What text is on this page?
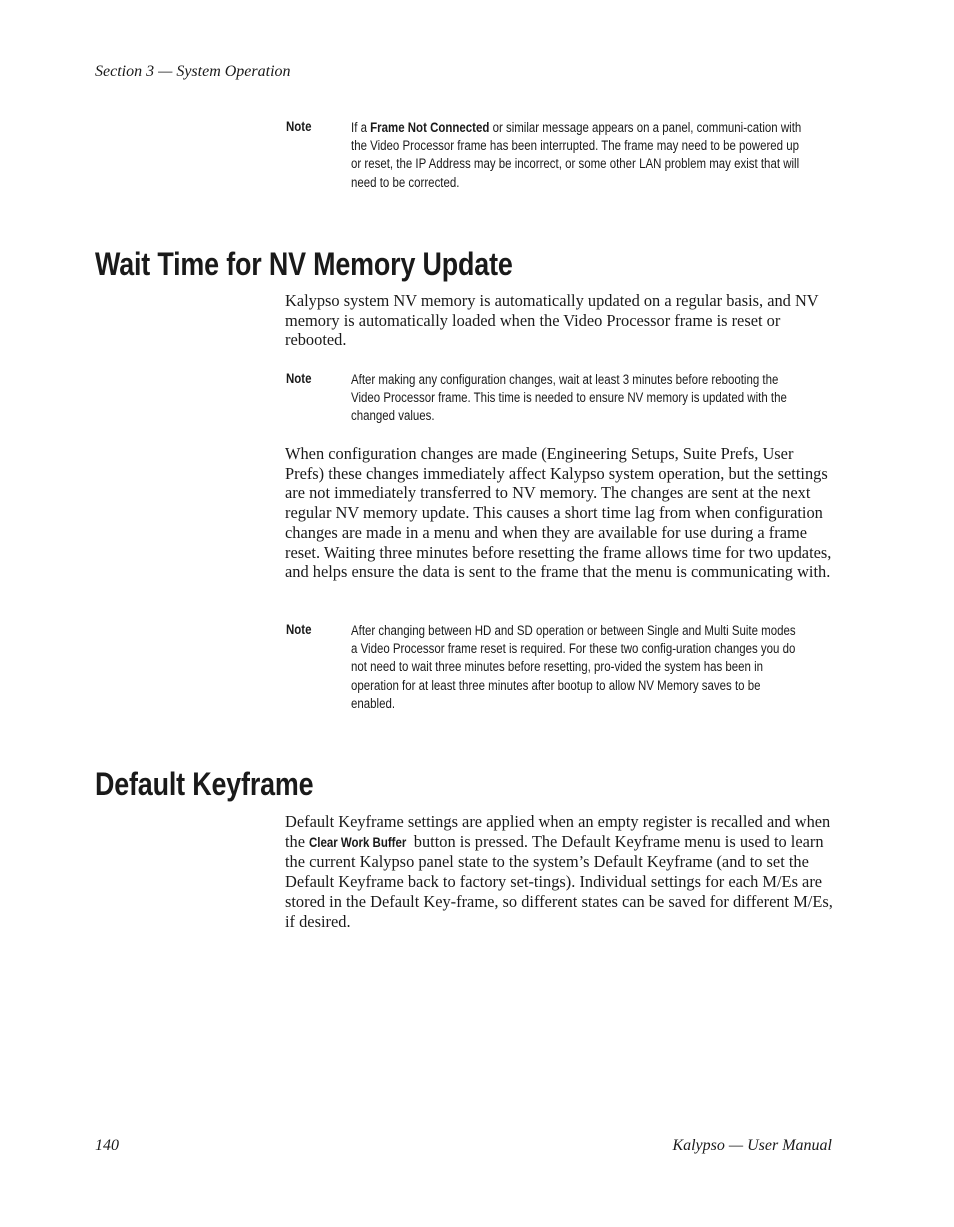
Section 3 — System Operation
Note	If a Frame Not Connected or similar message appears on a panel, communi-cation with the Video Processor frame has been interrupted. The frame may need to be powered up or reset, the IP Address may be incorrect, or some other LAN problem may exist that will need to be corrected.
Wait Time for NV Memory Update
Kalypso system NV memory is automatically updated on a regular basis, and NV memory is automatically loaded when the Video Processor frame is reset or rebooted.
Note	After making any configuration changes, wait at least 3 minutes before rebooting the Video Processor frame. This time is needed to ensure NV memory is updated with the changed values.
When configuration changes are made (Engineering Setups, Suite Prefs, User Prefs) these changes immediately affect Kalypso system operation, but the settings are not immediately transferred to NV memory. The changes are sent at the next regular NV memory update. This causes a short time lag from when configuration changes are made in a menu and when they are available for use during a frame reset. Waiting three minutes before resetting the frame allows time for two updates, and helps ensure the data is sent to the frame that the menu is communicating with.
Note	After changing between HD and SD operation or between Single and Multi Suite modes a Video Processor frame reset is required. For these two config-uration changes you do not need to wait three minutes before resetting, pro-vided the system has been in operation for at least three minutes after bootup to allow NV Memory saves to be enabled.
Default Keyframe
Default Keyframe settings are applied when an empty register is recalled and when the Clear Work Buffer button is pressed. The Default Keyframe menu is used to learn the current Kalypso panel state to the system’s Default Keyframe (and to set the Default Keyframe back to factory set-tings). Individual settings for each M/Es are stored in the Default Key-frame, so different states can be saved for different M/Es, if desired.
140	Kalypso — User Manual
